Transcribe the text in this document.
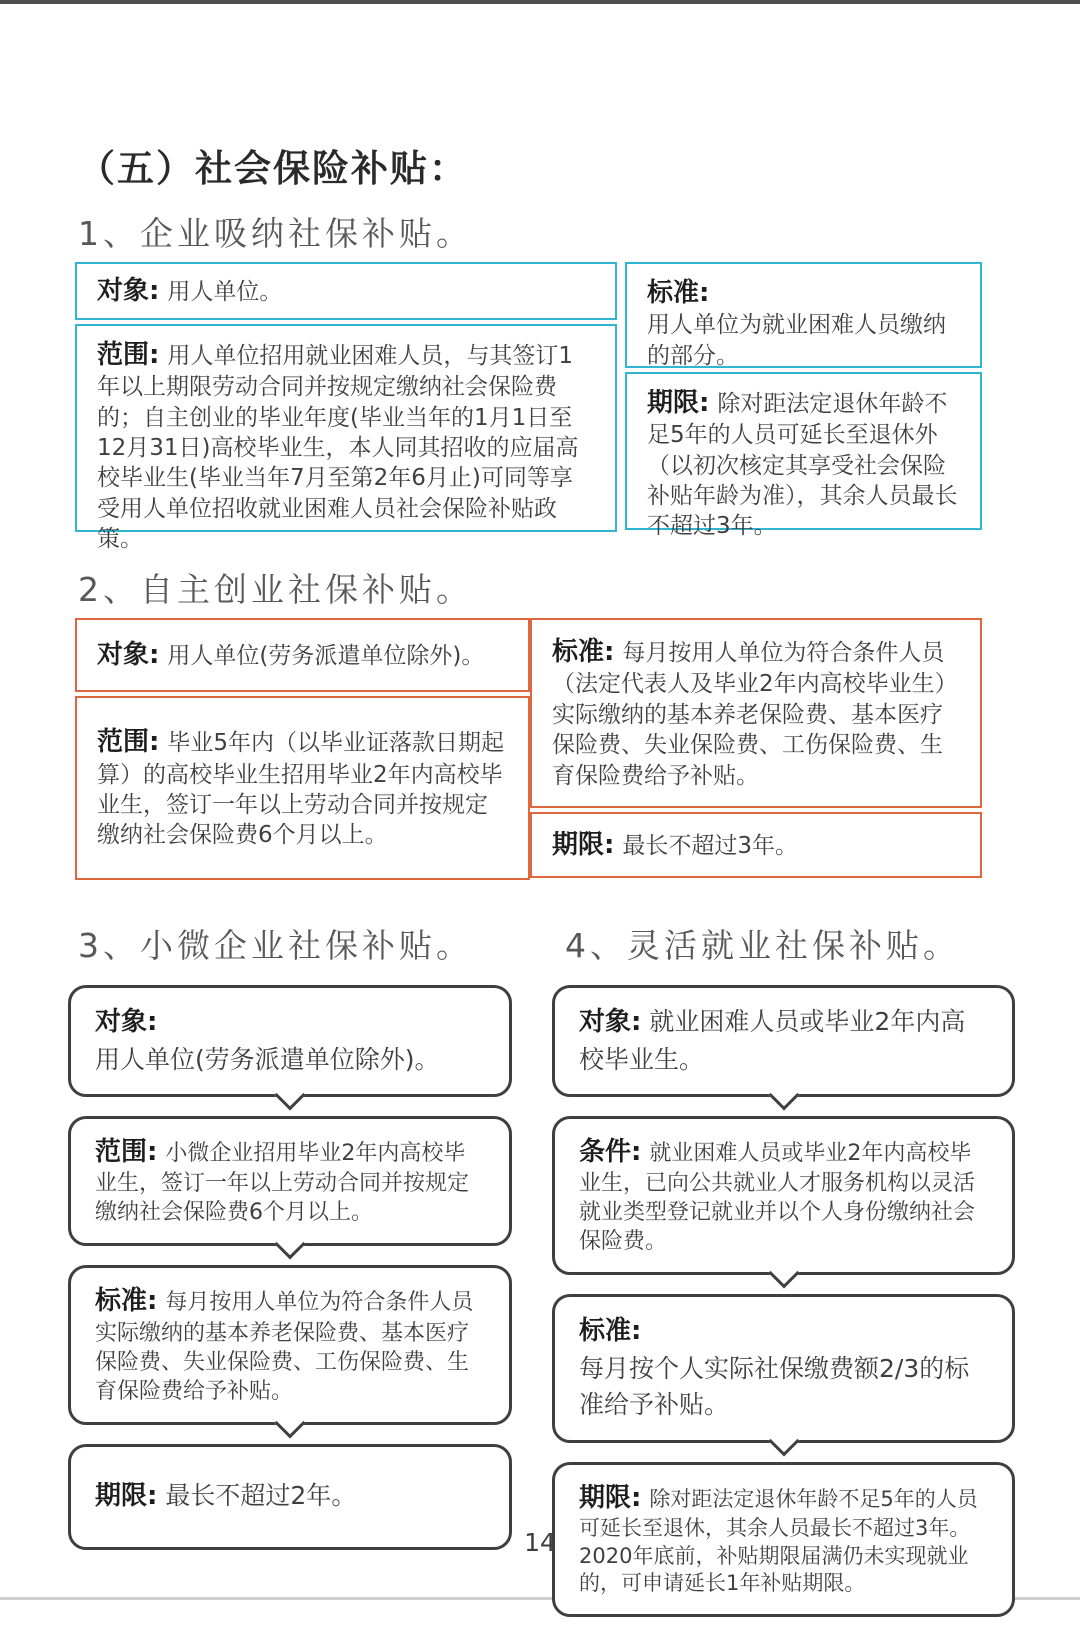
（五）社会保险补贴：
1、企业吸纳社保补贴。

对象: 用人单位。

范围: 用人单位招用就业困难人员，与其签订1年以上期限劳动合同并按规定缴纳社会保险费的；自主创业的毕业年度(毕业当年的1月1日至12月31日)高校毕业生，本人同其招收的应届高校毕业生(毕业当年7月至第2年6月止)可同等享受用人单位招收就业困难人员社会保险补贴政策。

标准:
用人单位为就业困难人员缴纳的部分。

期限: 除对距法定退休年龄不足5年的人员可延长至退休外（以初次核定其享受社会保险补贴年龄为准），其余人员最长不超过3年。

2、自主创业社保补贴。

对象: 用人单位(劳务派遣单位除外)。

范围: 毕业5年内（以毕业证落款日期起算）的高校毕业生招用毕业2年内高校毕业生，签订一年以上劳动合同并按规定缴纳社会保险费6个月以上。

标准: 每月按用人单位为符合条件人员（法定代表人及毕业2年内高校毕业生）实际缴纳的基本养老保险费、基本医疗保险费、失业保险费、工伤保险费、生育保险费给予补贴。

期限: 最长不超过3年。

3、小微企业社保补贴。	4、灵活就业社保补贴。

对象:
用人单位(劳务派遣单位除外)。

范围: 小微企业招用毕业2年内高校毕业生，签订一年以上劳动合同并按规定缴纳社会保险费6个月以上。

标准: 每月按用人单位为符合条件人员实际缴纳的基本养老保险费、基本医疗保险费、失业保险费、工伤保险费、生育保险费给予补贴。

期限: 最长不超过2年。

对象: 就业困难人员或毕业2年内高校毕业生。

条件: 就业困难人员或毕业2年内高校毕业生，已向公共就业人才服务机构以灵活就业类型登记就业并以个人身份缴纳社会保险费。

标准:
每月按个人实际社保缴费额2/3的标准给予补贴。

期限: 除对距法定退休年龄不足5年的人员可延长至退休，其余人员最长不超过3年。2020年底前，补贴期限届满仍未实现就业的，可申请延长1年补贴期限。

14
